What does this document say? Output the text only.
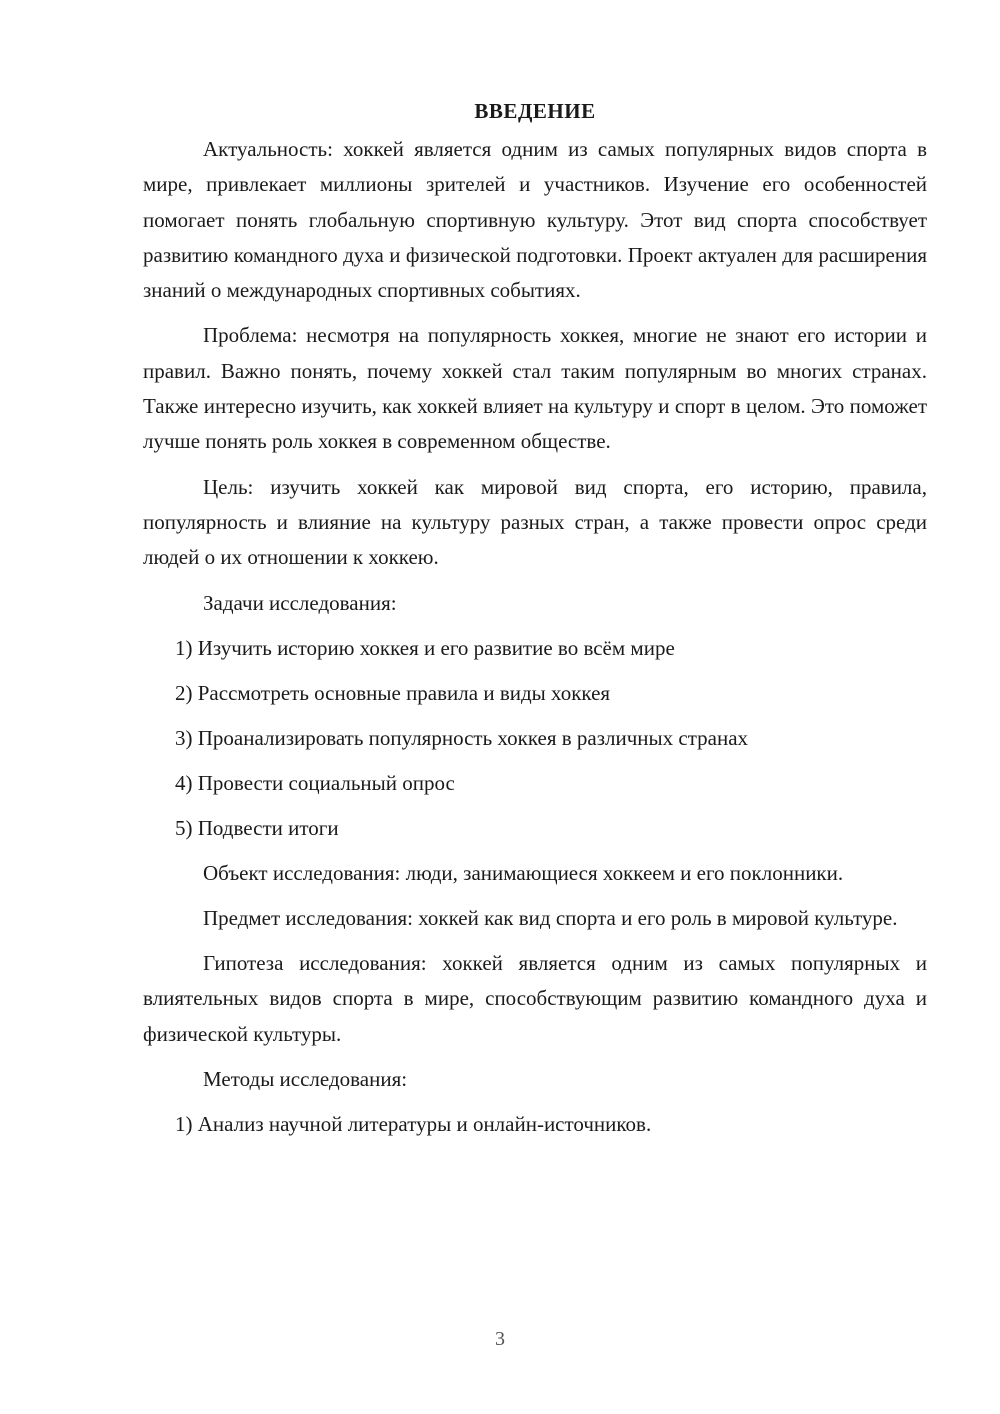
ВВЕДЕНИЕ

Актуальность: хоккей является одним из самых популярных видов спорта в мире, привлекает миллионы зрителей и участников. Изучение его особенностей помогает понять глобальную спортивную культуру. Этот вид спорта способствует развитию командного духа и физической подготовки. Проект актуален для расширения знаний о международных спортивных событиях.

Проблема: несмотря на популярность хоккея, многие не знают его истории и правил. Важно понять, почему хоккей стал таким популярным во многих странах. Также интересно изучить, как хоккей влияет на культуру и спорт в целом. Это поможет лучше понять роль хоккея в современном обществе.

Цель: изучить хоккей как мировой вид спорта, его историю, правила, популярность и влияние на культуру разных стран, а также провести опрос среди людей о их отношении к хоккею.

Задачи исследования:
1) Изучить историю хоккея и его развитие во всём мире
2) Рассмотреть основные правила и виды хоккея
3) Проанализировать популярность хоккея в различных странах
4) Провести социальный опрос
5) Подвести итоги

Объект исследования: люди, занимающиеся хоккеем и его поклонники.

Предмет исследования: хоккей как вид спорта и его роль в мировой культуре.

Гипотеза исследования: хоккей является одним из самых популярных и влиятельных видов спорта в мире, способствующим развитию командного духа и физической культуры.

Методы исследования:
1) Анализ научной литературы и онлайн-источников.
3
